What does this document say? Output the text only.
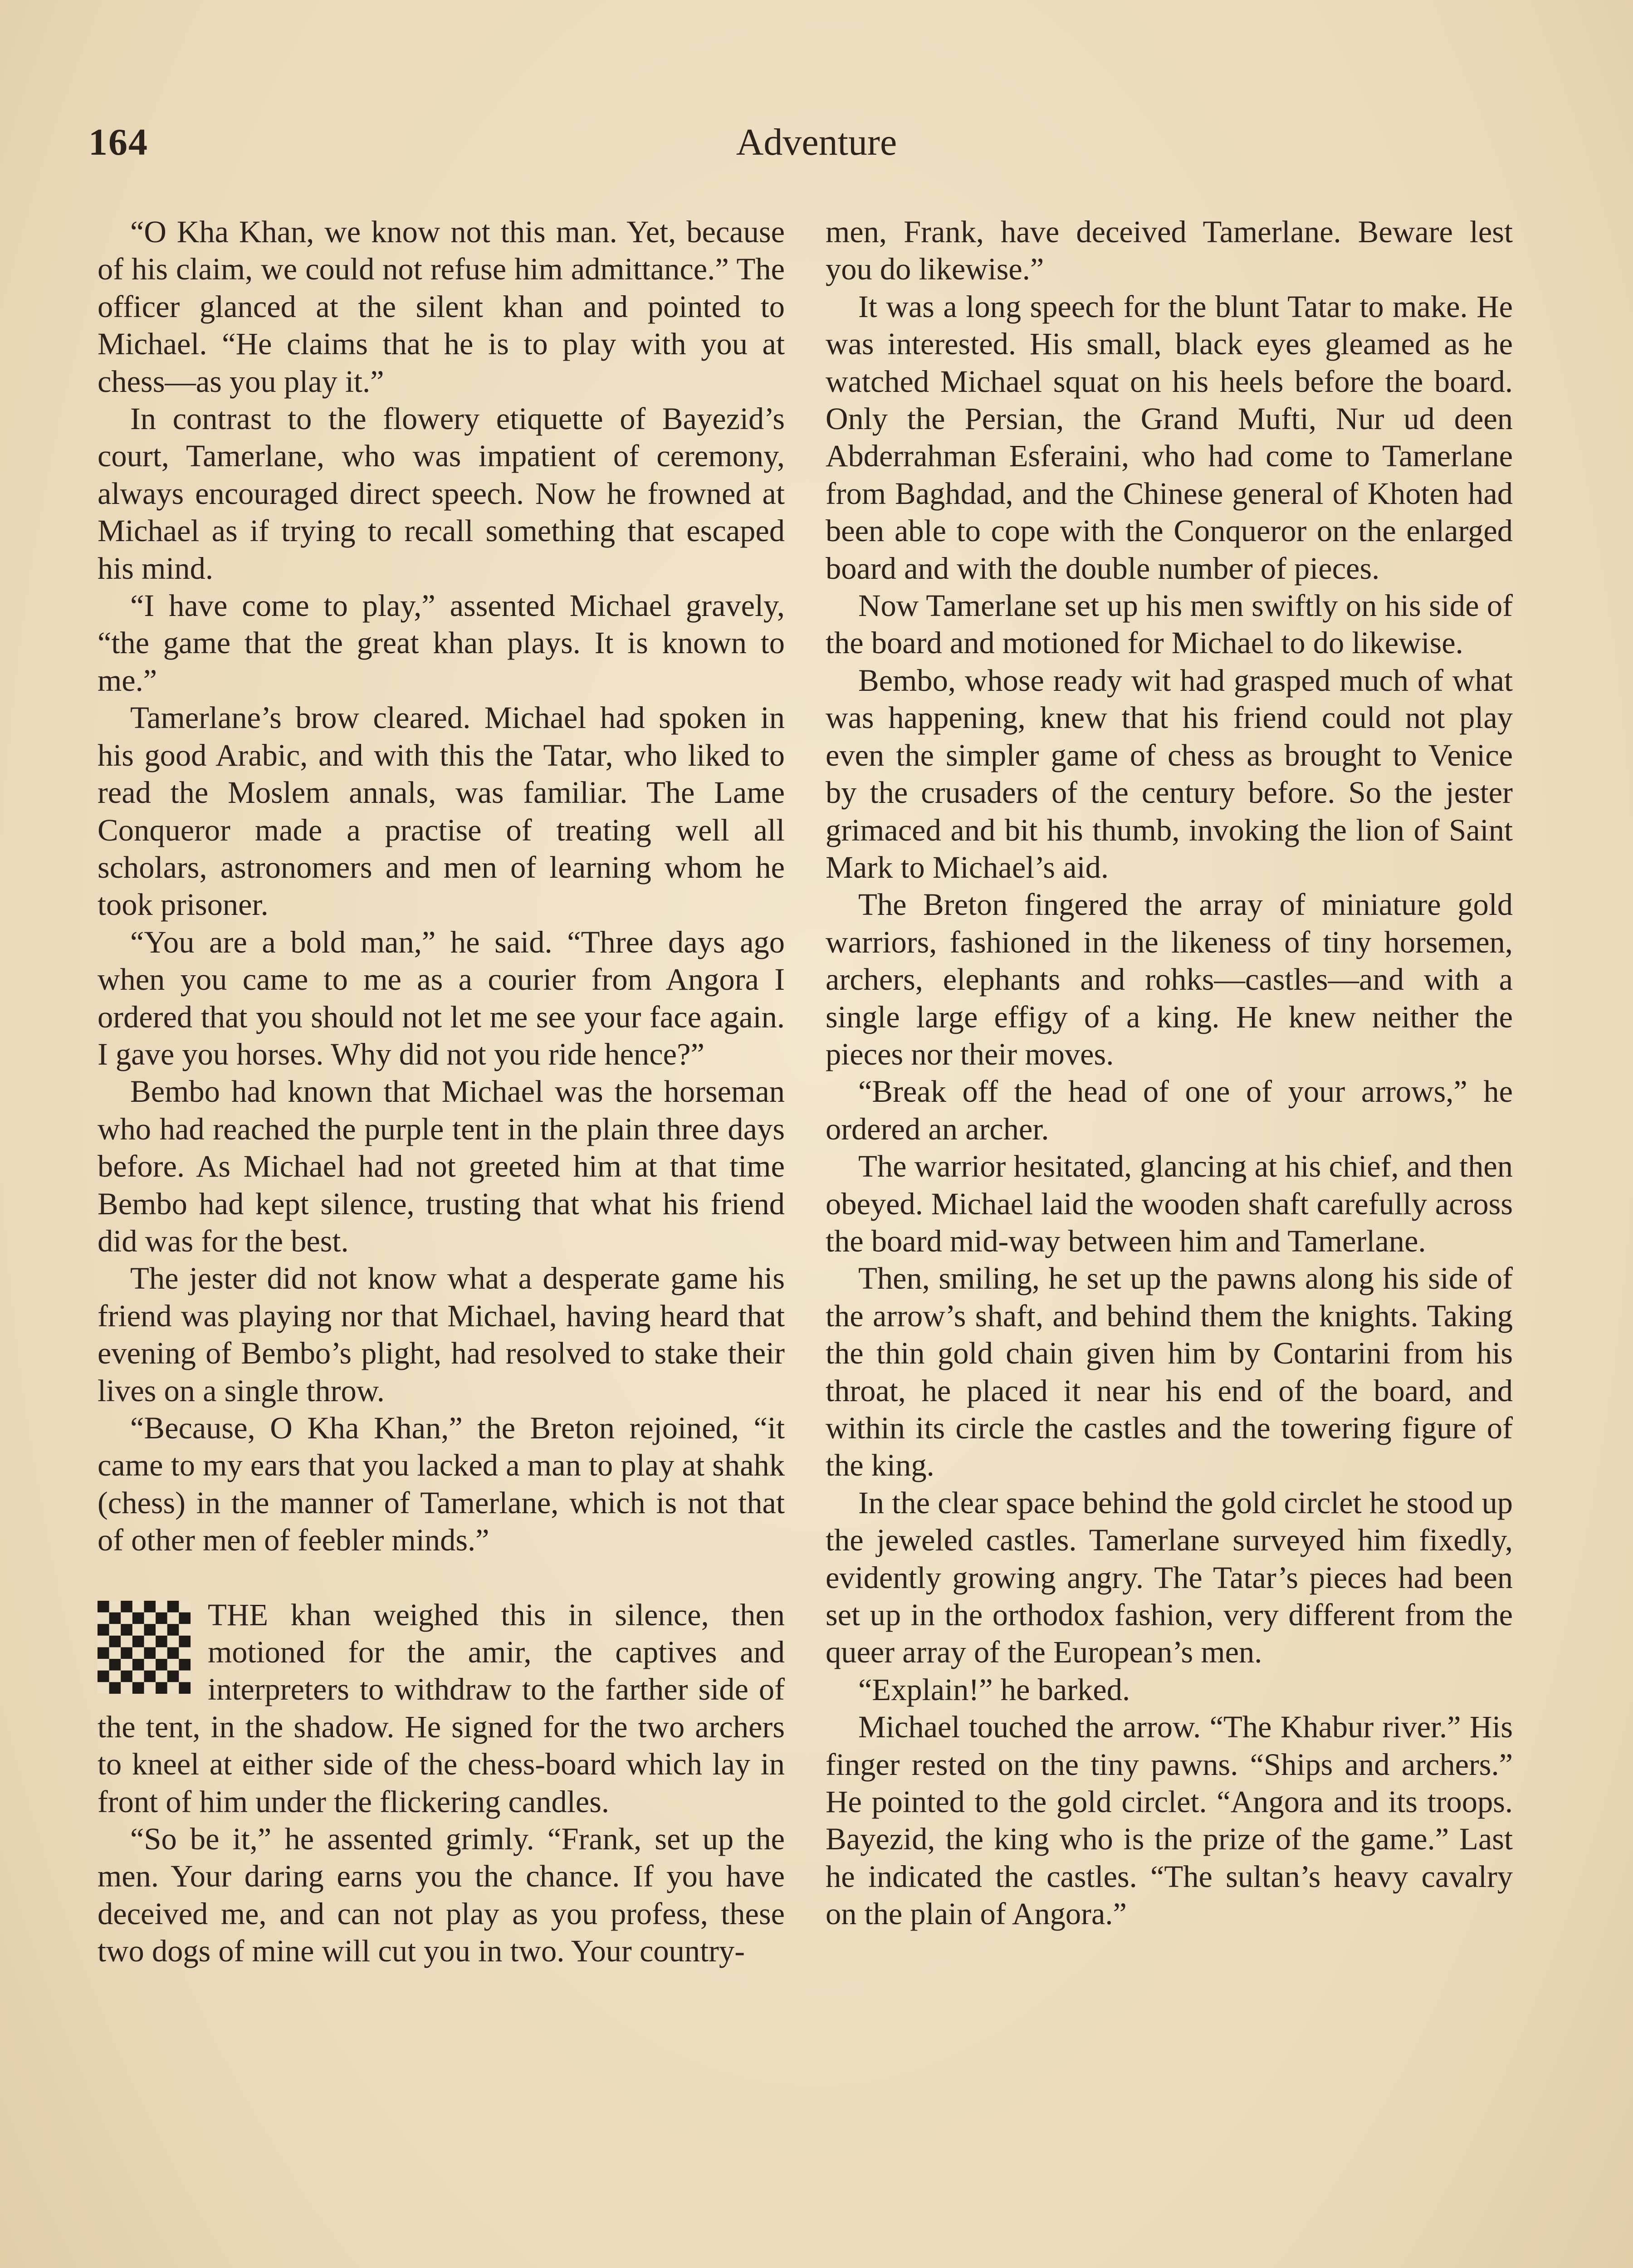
164	Adventure

“O Kha Khan, we know not this man. Yet, because of his claim, we could not refuse him admittance.” The officer glanced at the silent khan and pointed to Michael. “He claims that he is to play with you at chess—as you play it.”

In contrast to the flowery etiquette of Bayezid’s court, Tamerlane, who was impatient of ceremony, always encouraged direct speech. Now he frowned at Michael as if trying to recall something that escaped his mind.

“I have come to play,” assented Michael gravely, “the game that the great khan plays. It is known to me.”

Tamerlane’s brow cleared. Michael had spoken in his good Arabic, and with this the Tatar, who liked to read the Moslem annals, was familiar. The Lame Conqueror made a practise of treating well all scholars, astronomers and men of learning whom he took prisoner.

“You are a bold man,” he said. “Three days ago when you came to me as a courier from Angora I ordered that you should not let me see your face again. I gave you horses. Why did not you ride hence?”

Bembo had known that Michael was the horseman who had reached the purple tent in the plain three days before. As Michael had not greeted him at that time Bembo had kept silence, trusting that what his friend did was for the best.

The jester did not know what a desperate game his friend was playing nor that Michael, having heard that evening of Bembo’s plight, had resolved to stake their lives on a single throw.

“Because, O Kha Khan,” the Breton rejoined, “it came to my ears that you lacked a man to play at shahk (chess) in the manner of Tamerlane, which is not that of other men of feebler minds.”

THE khan weighed this in silence, then motioned for the amir, the captives and interpreters to withdraw to the farther side of the tent, in the shadow. He signed for the two archers to kneel at either side of the chess-board which lay in front of him under the flickering candles.

“So be it,” he assented grimly. “Frank, set up the men. Your daring earns you the chance. If you have deceived me, and can not play as you profess, these two dogs of mine will cut you in two. Your country-

men, Frank, have deceived Tamerlane. Beware lest you do likewise.”

It was a long speech for the blunt Tatar to make. He was interested. His small, black eyes gleamed as he watched Michael squat on his heels before the board. Only the Persian, the Grand Mufti, Nur ud deen Abderrahman Esferaini, who had come to Tamerlane from Baghdad, and the Chinese general of Khoten had been able to cope with the Conqueror on the enlarged board and with the double number of pieces.

Now Tamerlane set up his men swiftly on his side of the board and motioned for Michael to do likewise.

Bembo, whose ready wit had grasped much of what was happening, knew that his friend could not play even the simpler game of chess as brought to Venice by the crusaders of the century before. So the jester grimaced and bit his thumb, invoking the lion of Saint Mark to Michael’s aid.

The Breton fingered the array of miniature gold warriors, fashioned in the likeness of tiny horsemen, archers, elephants and rohks—castles—and with a single large effigy of a king. He knew neither the pieces nor their moves.

“Break off the head of one of your arrows,” he ordered an archer.

The warrior hesitated, glancing at his chief, and then obeyed. Michael laid the wooden shaft carefully across the board mid-way between him and Tamerlane.

Then, smiling, he set up the pawns along his side of the arrow’s shaft, and behind them the knights. Taking the thin gold chain given him by Contarini from his throat, he placed it near his end of the board, and within its circle the castles and the towering figure of the king.

In the clear space behind the gold circlet he stood up the jeweled castles. Tamerlane surveyed him fixedly, evidently growing angry. The Tatar’s pieces had been set up in the orthodox fashion, very different from the queer array of the European’s men.

“Explain!” he barked.

Michael touched the arrow. “The Khabur river.” His finger rested on the tiny pawns. “Ships and archers.” He pointed to the gold circlet. “Angora and its troops. Bayezid, the king who is the prize of the game.” Last he indicated the castles. “The sultan’s heavy cavalry on the plain of Angora.”
